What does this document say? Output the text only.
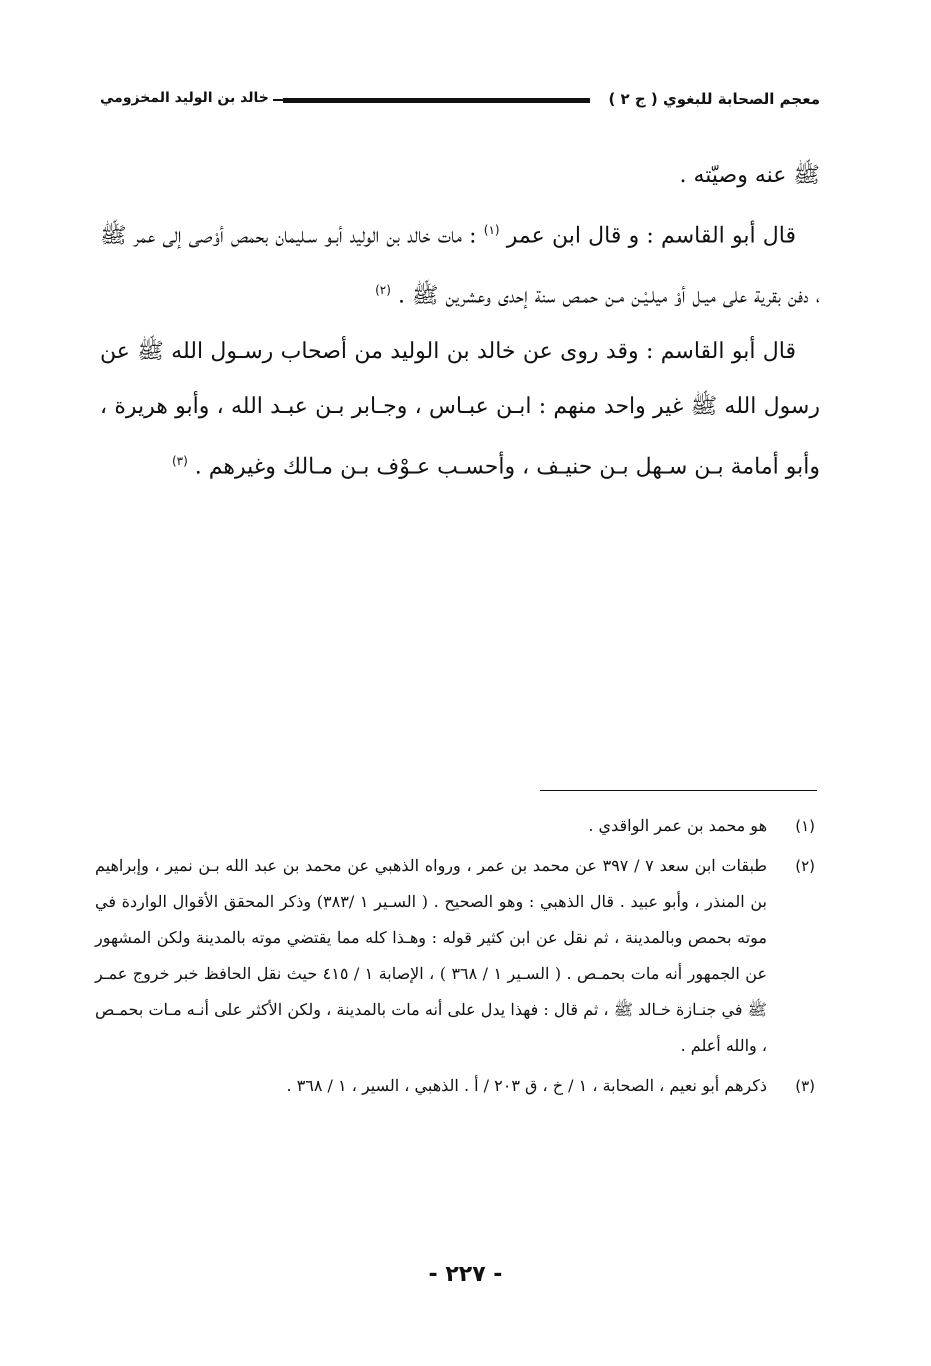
معجم الصحابة للبغوي ( ج ٢ )
خالد بن الوليد المخزومي

ﷺ عنه وصيّته .

قال أبو القاسم : و قال ابن عمر $^{(١)}$ : مات خالد بن الوليد أبـو سـليمان بحمص أوْصى إلى عمر ﷺ ، دفن بقرية على ميـل أوْ ميلـيْـن مـن حمـص سنة إحدى وعشرين ﷺ . $^{(٢)}$

قال أبو القاسم : وقد روى عن خالد بن الوليد من أصحاب رسـول الله ﷺ عن رسول الله ﷺ غير واحد منهم : ابـن عبـاس ، وجـابر بـن عبـد الله ، وأبو هريرة ، وأبو أمامة بـن سـهل بـن حنيـف ، وأحسـب عـوْف بـن مـالك وغيرهم . $^{(٣)}$

(١)
هو محمد بن عمر الواقدي .
(٢)
طبقات ابن سعد ٧ / ٣٩٧ عن محمد بن عمر ، ورواه الذهبي عن محمد بن عبد الله بـن نمير ، وإبراهيم بن المنذر ، وأبو عبيد . قال الذهبي : وهو الصحيح . ( السـير ١ /٣٨٣) وذكر المحقق الأقوال الواردة في موته بحمص وبالمدينة ، ثم نقل عن ابن كثير قوله : وهـذا كله مما يقتضي موته بالمدينة ولكن المشهور عن الجمهور أنه مات بحمـص . ( السـير ١ / ٣٦٨ ) ، الإصابة ١ / ٤١٥ حيث نقل الحافظ خبر خروج عمـر ﷺ في جنـازة خـالد ﷺ ، ثم قال : فهذا يدل على أنه مات بالمدينة ، ولكن الأكثر على أنـه مـات بحمـص ، والله أعلم .
(٣)
ذكرهم أبو نعيم ، الصحابة ، ١ / خ ، ق ٢٠٣ / أ . الذهبي ، السير ، ١ / ٣٦٨ .
- ٢٢٧ -
